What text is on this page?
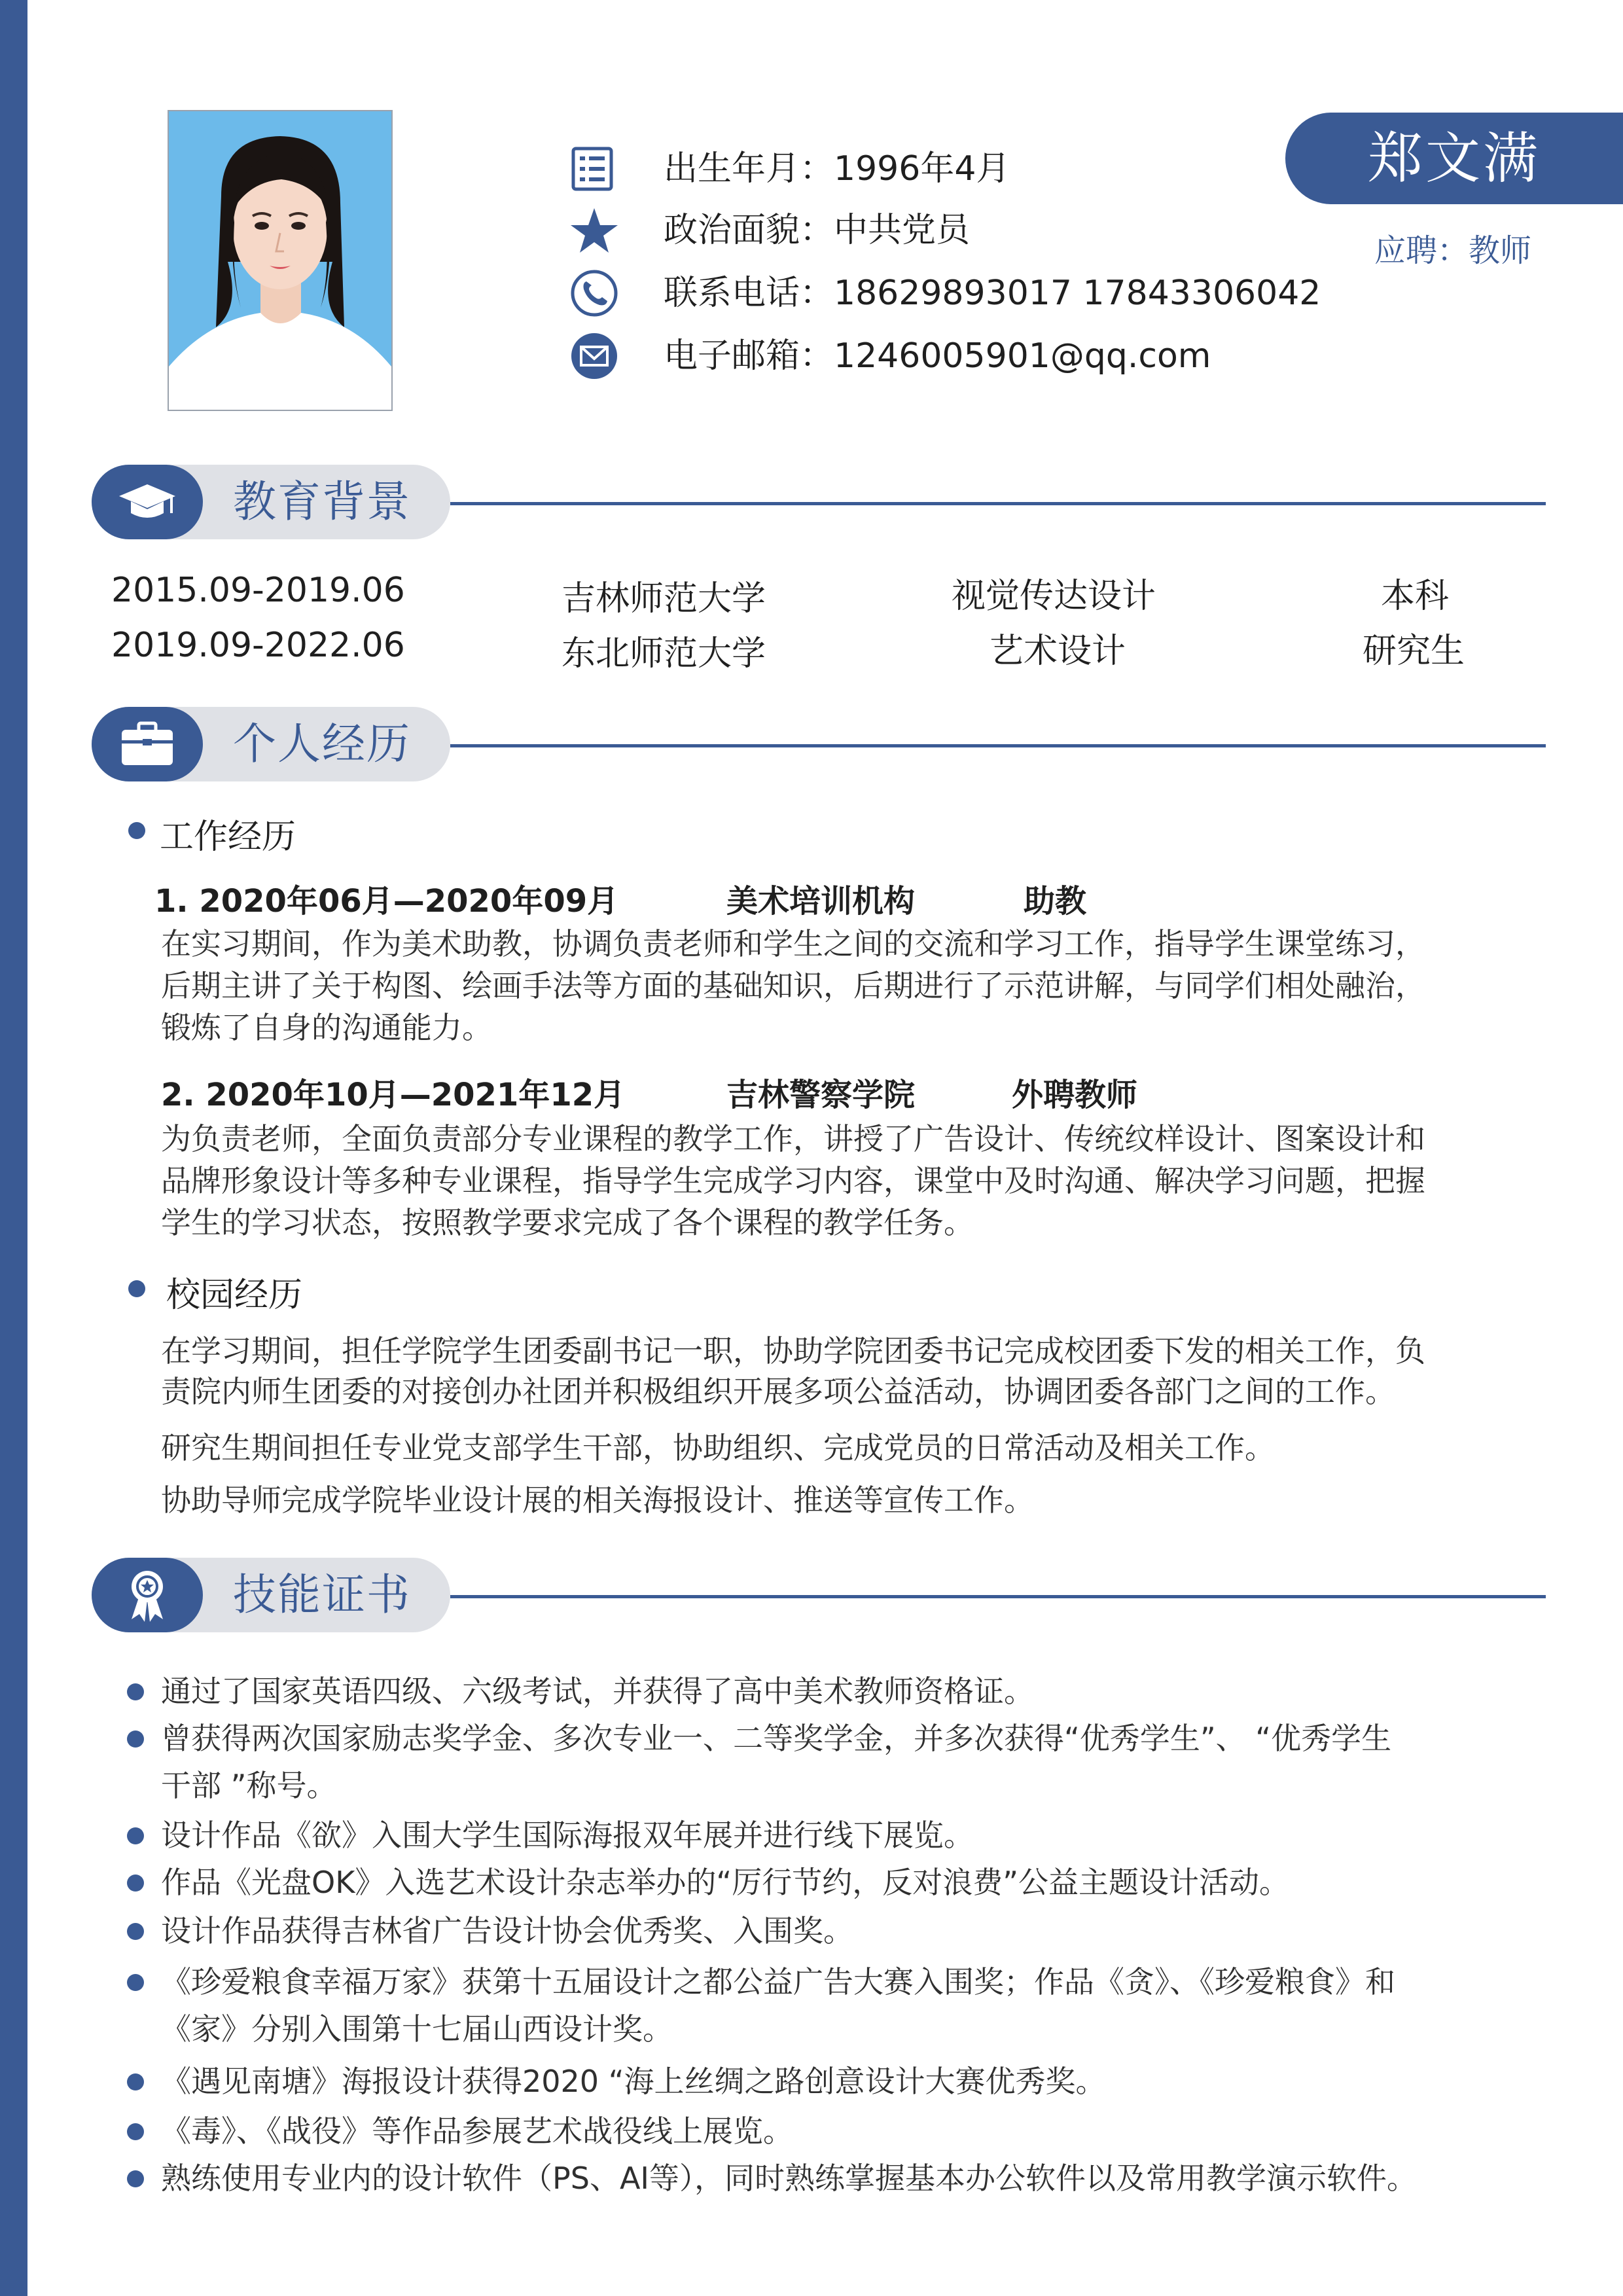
出生年月：1996年4月
政治面貌：中共党员
联系电话：18629893017 17843306042
电子邮箱：1246005901@qq.com
郑文满
应聘：教师
教育背景
2015.09-2019.06	吉林师范大学	视觉传达设计	本科
2019.09-2022.06	东北师范大学	艺术设计	研究生
个人经历
工作经历
1. 2020年06月—2020年09月	美术培训机构	助教
在实习期间，作为美术助教，协调负责老师和学生之间的交流和学习工作，指导学生课堂练习，
后期主讲了关于构图、绘画手法等方面的基础知识，后期进行了示范讲解，与同学们相处融治，
锻炼了自身的沟通能力。
2. 2020年10月—2021年12月	吉林警察学院	外聘教师
为负责老师，全面负责部分专业课程的教学工作，讲授了广告设计、传统纹样设计、图案设计和
品牌形象设计等多种专业课程，指导学生完成学习内容，课堂中及时沟通、解决学习问题，把握
学生的学习状态，按照教学要求完成了各个课程的教学任务。
校园经历
在学习期间，担任学院学生团委副书记一职，协助学院团委书记完成校团委下发的相关工作，负
责院内师生团委的对接创办社团并积极组织开展多项公益活动，协调团委各部门之间的工作。
研究生期间担任专业党支部学生干部，协助组织、完成党员的日常活动及相关工作。
协助导师完成学院毕业设计展的相关海报设计、推送等宣传工作。
技能证书
通过了国家英语四级、六级考试，并获得了高中美术教师资格证。
曾获得两次国家励志奖学金、多次专业一、二等奖学金，并多次获得“优秀学生”、 “优秀学生
干部 ”称号。
设计作品《欲》入围大学生国际海报双年展并进行线下展览。
作品《光盘OK》入选艺术设计杂志举办的“厉行节约，反对浪费”公益主题设计活动。
设计作品获得吉林省广告设计协会优秀奖、入围奖。
《珍爱粮食幸福万家》获第十五届设计之都公益广告大赛入围奖；作品《贪》、《珍爱粮食》和
《家》分别入围第十七届山西设计奖。
《遇见南塘》海报设计获得2020 “海上丝绸之路创意设计大赛优秀奖。
《毒》、《战役》等作品参展艺术战役线上展览。
熟练使用专业内的设计软件（PS、AI等），同时熟练掌握基本办公软件以及常用教学演示软件。
